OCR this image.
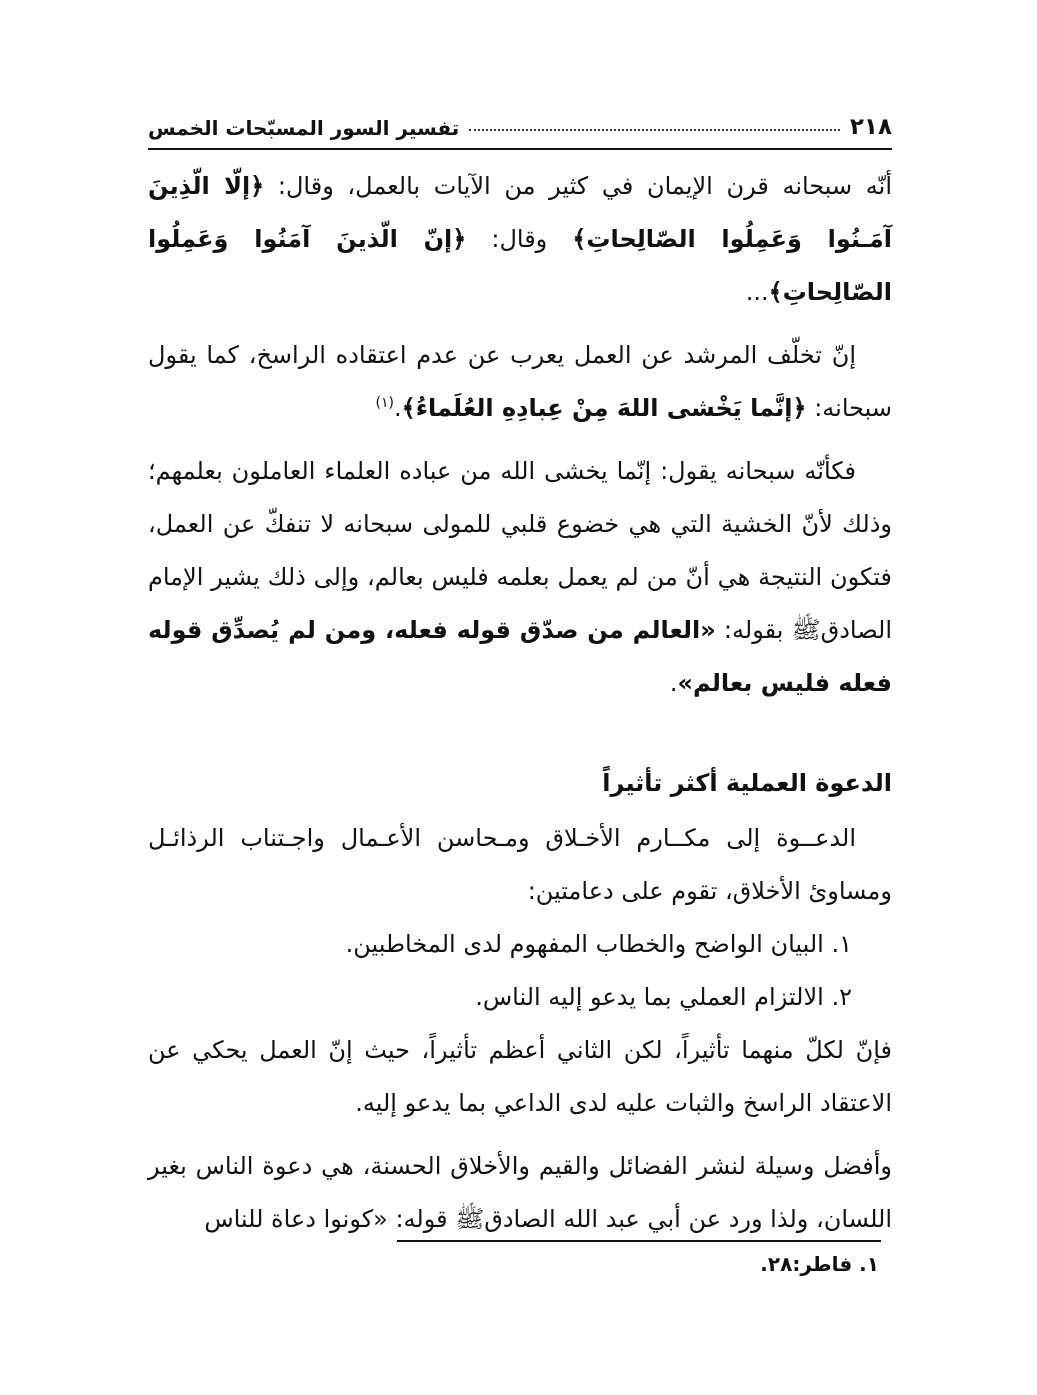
٢١٨
تفسير السور المسبّحات الخمس

أنّه سبحانه قرن الإيمان في كثير من الآيات بالعمل، وقال: ﴿إلّا الّذِينَ آمَـنُوا وَعَمِلُوا الصّالِحاتِ﴾ وقال: ﴿إنّ الّذينَ آمَنُوا وَعَمِلُوا الصّالِحاتِ﴾...

إنّ تخلّف المرشد عن العمل يعرب عن عدم اعتقاده الراسخ، كما يقول سبحانه: ﴿إنَّما يَخْشى اللهَ مِنْ عِبادِهِ العُلَماءُ﴾.$^{(١)}$

فكأنّه سبحانه يقول: إنّما يخشى الله من عباده العلماء العاملون بعلمهم؛ وذلك لأنّ الخشية التي هي خضوع قلبي للمولى سبحانه لا تنفكّ عن العمل، فتكون النتيجة هي أنّ من لم يعمل بعلمه فليس بعالم، وإلى ذلك يشير الإمام الصادقﷺ بقوله: «العالم من صدّق قوله فعله، ومن لم يُصدِّق قوله فعله فليس بعالم».

الدعوة العملية أكثر تأثيراً

الدعــوة إلى مكــارم الأخـلاق ومـحاسن الأعـمال واجـتناب الرذائـل ومساوئ الأخلاق، تقوم على دعامتين:

١. البيان الواضح والخطاب المفهوم لدى المخاطبين.

٢. الالتزام العملي بما يدعو إليه الناس.

فإنّ لكلّ منهما تأثيراً، لكن الثاني أعظم تأثيراً، حيث إنّ العمل يحكي عن الاعتقاد الراسخ والثبات عليه لدى الداعي بما يدعو إليه.

وأفضل وسيلة لنشر الفضائل والقيم والأخلاق الحسنة، هي دعوة الناس بغير اللسان، ولذا ورد عن أبي عبد الله الصادقﷺ قوله: «كونوا دعاة للناس

١. فاطر:٢٨.
